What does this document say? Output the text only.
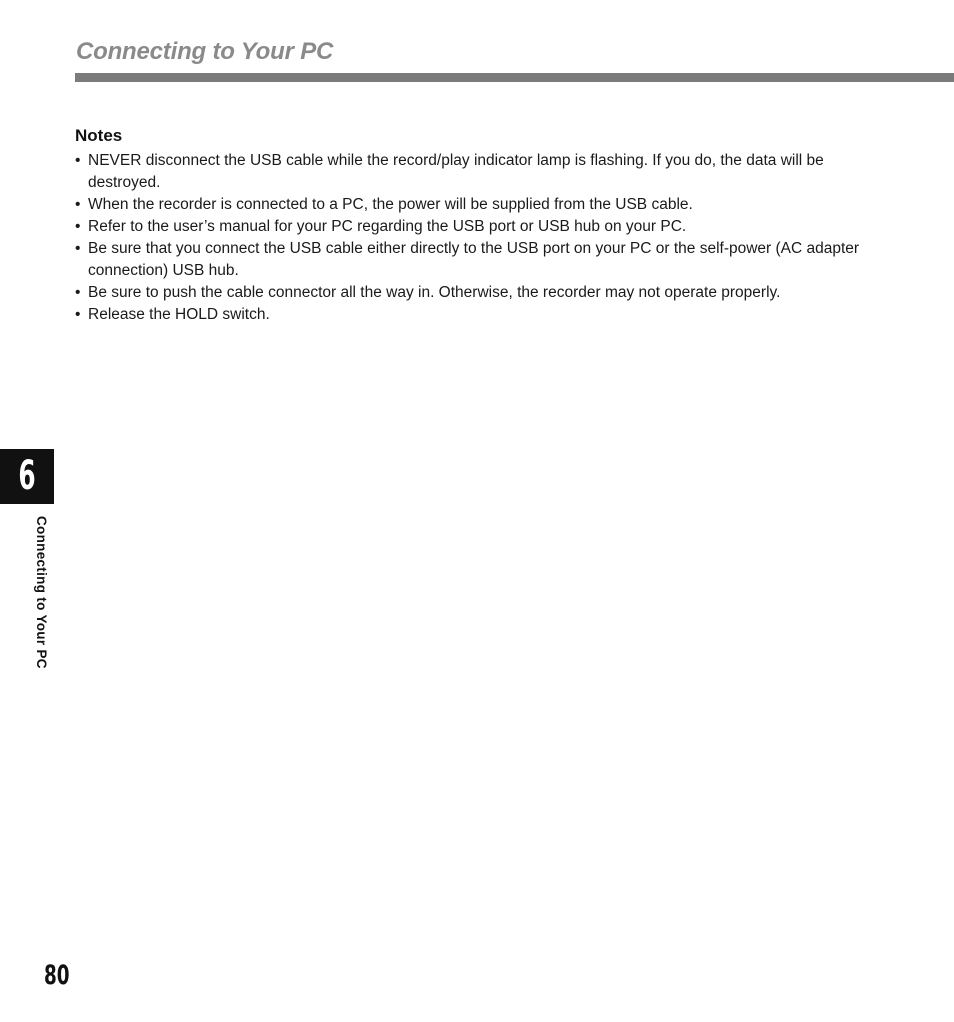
Connecting to Your PC
Notes
• NEVER disconnect the USB cable while the record/play indicator lamp is flashing. If you do, the data will be destroyed.
• When the recorder is connected to a PC, the power will be supplied from the USB cable.
• Refer to the user’s manual for your PC regarding the USB port or USB hub on your PC.
• Be sure that you connect the USB cable either directly to the USB port on your PC or the self-power (AC adapter connection) USB hub.
• Be sure to push the cable connector all the way in. Otherwise, the recorder may not operate properly.
• Release the HOLD switch.
6
Connecting to Your PC
80
